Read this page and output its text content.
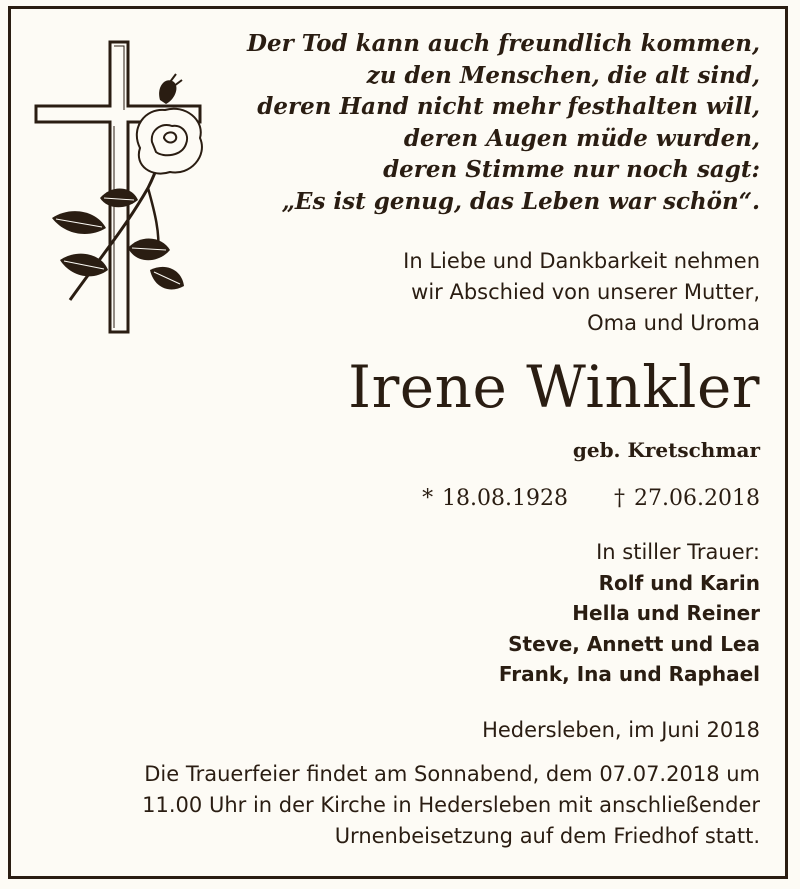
Der Tod kann auch freundlich kommen,
zu den Menschen, die alt sind,
deren Hand nicht mehr festhalten will,
deren Augen müde wurden,
deren Stimme nur noch sagt:
„Es ist genug, das Leben war schön“.
In Liebe und Dankbarkeit nehmen
wir Abschied von unserer Mutter,
Oma und Uroma
Irene Winkler
geb. Kretschmar
* 18.08.1928 † 27.06.2018
In stiller Trauer:
Rolf und Karin
Hella und Reiner
Steve, Annett und Lea
Frank, Ina und Raphael
Hedersleben, im Juni 2018
Die Trauerfeier findet am Sonnabend, dem 07.07.2018 um
11.00 Uhr in der Kirche in Hedersleben mit anschließender
Urnenbeisetzung auf dem Friedhof statt.
